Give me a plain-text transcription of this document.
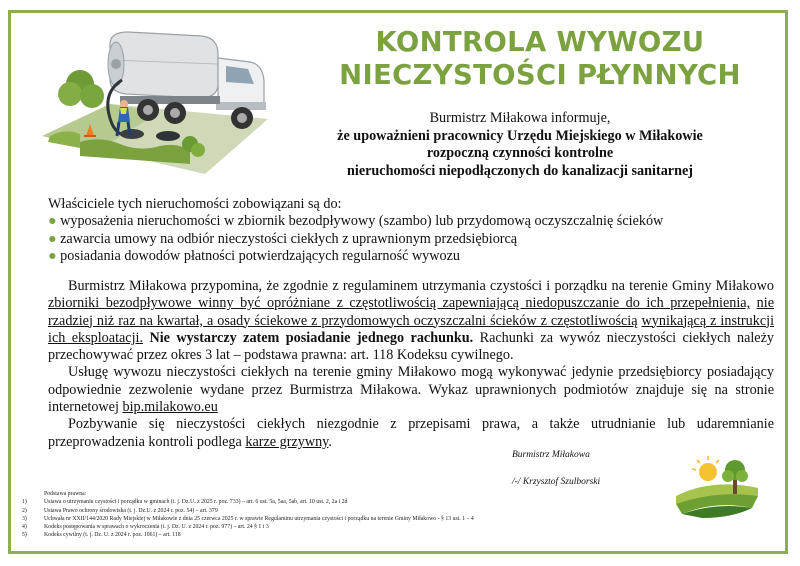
KONTROLA WYWOZU
NIECZYSTOŚCI PŁYNNYCH
Burmistrz Miłakowa informuje,
że upoważnieni pracownicy Urzędu Miejskiego w Miłakowie
rozpoczną czynności kontrolne
nieruchomości niepodłączonych do kanalizacji sanitarnej
Właściciele tych nieruchomości zobowiązani są do:
● wyposażenia nieruchomości w zbiornik bezodpływowy (szambo) lub przydomową oczyszczalnię ścieków
● zawarcia umowy na odbiór nieczystości ciekłych z uprawnionym przedsiębiorcą
● posiadania dowodów płatności potwierdzających regularność wywozu
Burmistrz Miłakowa przypomina, że zgodnie z regulaminem utrzymania czystości i porządku na terenie Gminy Miłakowo zbiorniki bezodpływowe winny być opróżniane z częstotliwością zapewniającą niedopuszczanie do ich przepełnienia, nie rzadziej niż raz na kwartał, a osady ściekowe z przydomowych oczyszczalni ścieków z częstotliwością wynikającą z instrukcji ich eksploatacji. Nie wystarczy zatem posiadanie jednego rachunku. Rachunki za wywóz nieczystości ciekłych należy przechowywać przez okres 3 lat – podstawa prawna: art. 118 Kodeksu cywilnego.
Usługę wywozu nieczystości ciekłych na terenie gminy Miłakowo mogą wykonywać jedynie przedsiębiorcy posiadający odpowiednie zezwolenie wydane przez Burmistrza Miłakowa. Wykaz uprawnionych podmiotów znajduje się na stronie internetowej bip.milakowo.eu
Pozbywanie się nieczystości ciekłych niezgodnie z przepisami prawa, a także utrudnianie lub udaremnianie przeprowadzenia kontroli podlega karze grzywny.
Burmistrz Miłakowa
/-/ Krzysztof Szulborski
Podstawa prawna:
1)	Ustawa o utrzymaniu czystości i porządku w gminach (t. j. Dz.U. z 2025 r. poz. 733) – art. 6 ust. 5a, 5aa, 5ab, art. 10 ust. 2, 2a i 2d
2)	Ustawa Prawo ochrony środowiska (t. j. Dz.U. z 2024 r. poz. 54) – art. 379
3)	Uchwała nr XXII/144/2020 Rady Miejskiej w Miłakowie z dnia 25 czerwca 2025 r. w sprawie Regulaminu utrzymania czystości i porządku na terenie Gminy Miłakowo - § 13 ust. 1 – 4
4)	Kodeks postępowania w sprawach o wykroczenia (t. j. Dz. U. z 2024 r. poz. 977) – art. 24 § 1 i 3
5)	Kodeks cywilny (t. j. Dz. U. z 2024 r. poz. 1061) – art. 118
